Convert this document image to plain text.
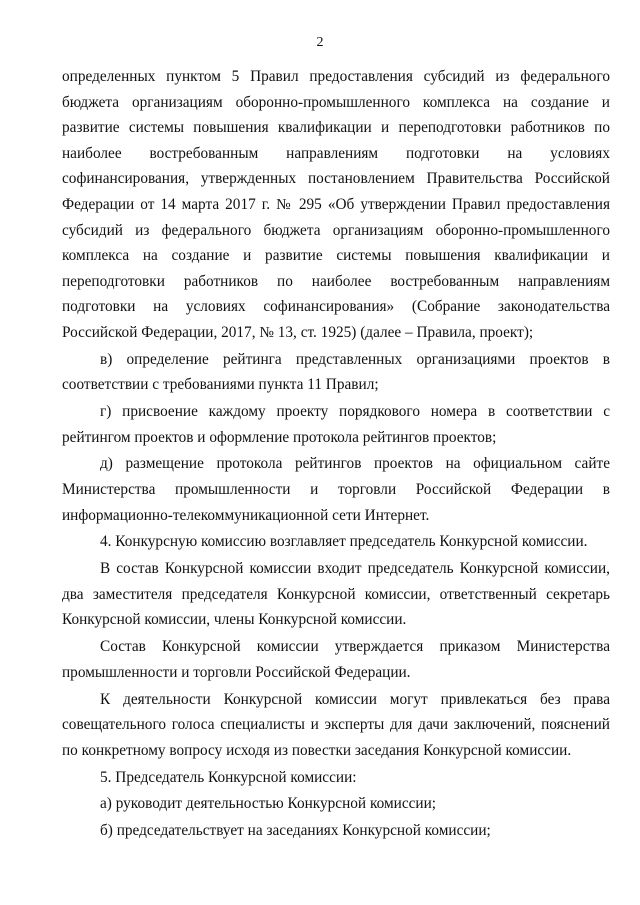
2

определенных пунктом 5 Правил предоставления субсидий из федерального бюджета организациям оборонно-промышленного комплекса на создание и развитие системы повышения квалификации и переподготовки работников по наиболее востребованным направлениям подготовки на условиях софинансирования, утвержденных постановлением Правительства Российской Федерации от 14 марта 2017 г. № 295 «Об утверждении Правил предоставления субсидий из федерального бюджета организациям оборонно-промышленного комплекса на создание и развитие системы повышения квалификации и переподготовки работников по наиболее востребованным направлениям подготовки на условиях софинансирования» (Собрание законодательства Российской Федерации, 2017, № 13, ст. 1925) (далее – Правила, проект);

в) определение рейтинга представленных организациями проектов в соответствии с требованиями пункта 11 Правил;

г) присвоение каждому проекту порядкового номера в соответствии с рейтингом проектов и оформление протокола рейтингов проектов;

д) размещение протокола рейтингов проектов на официальном сайте Министерства промышленности и торговли Российской Федерации в информационно-телекоммуникационной сети Интернет.

4. Конкурсную комиссию возглавляет председатель Конкурсной комиссии.

В состав Конкурсной комиссии входит председатель Конкурсной комиссии, два заместителя председателя Конкурсной комиссии, ответственный секретарь Конкурсной комиссии, члены Конкурсной комиссии.

Состав Конкурсной комиссии утверждается приказом Министерства промышленности и торговли Российской Федерации.

К деятельности Конкурсной комиссии могут привлекаться без права совещательного голоса специалисты и эксперты для дачи заключений, пояснений по конкретному вопросу исходя из повестки заседания Конкурсной комиссии.

5. Председатель Конкурсной комиссии:

а) руководит деятельностью Конкурсной комиссии;

б) председательствует на заседаниях Конкурсной комиссии;
